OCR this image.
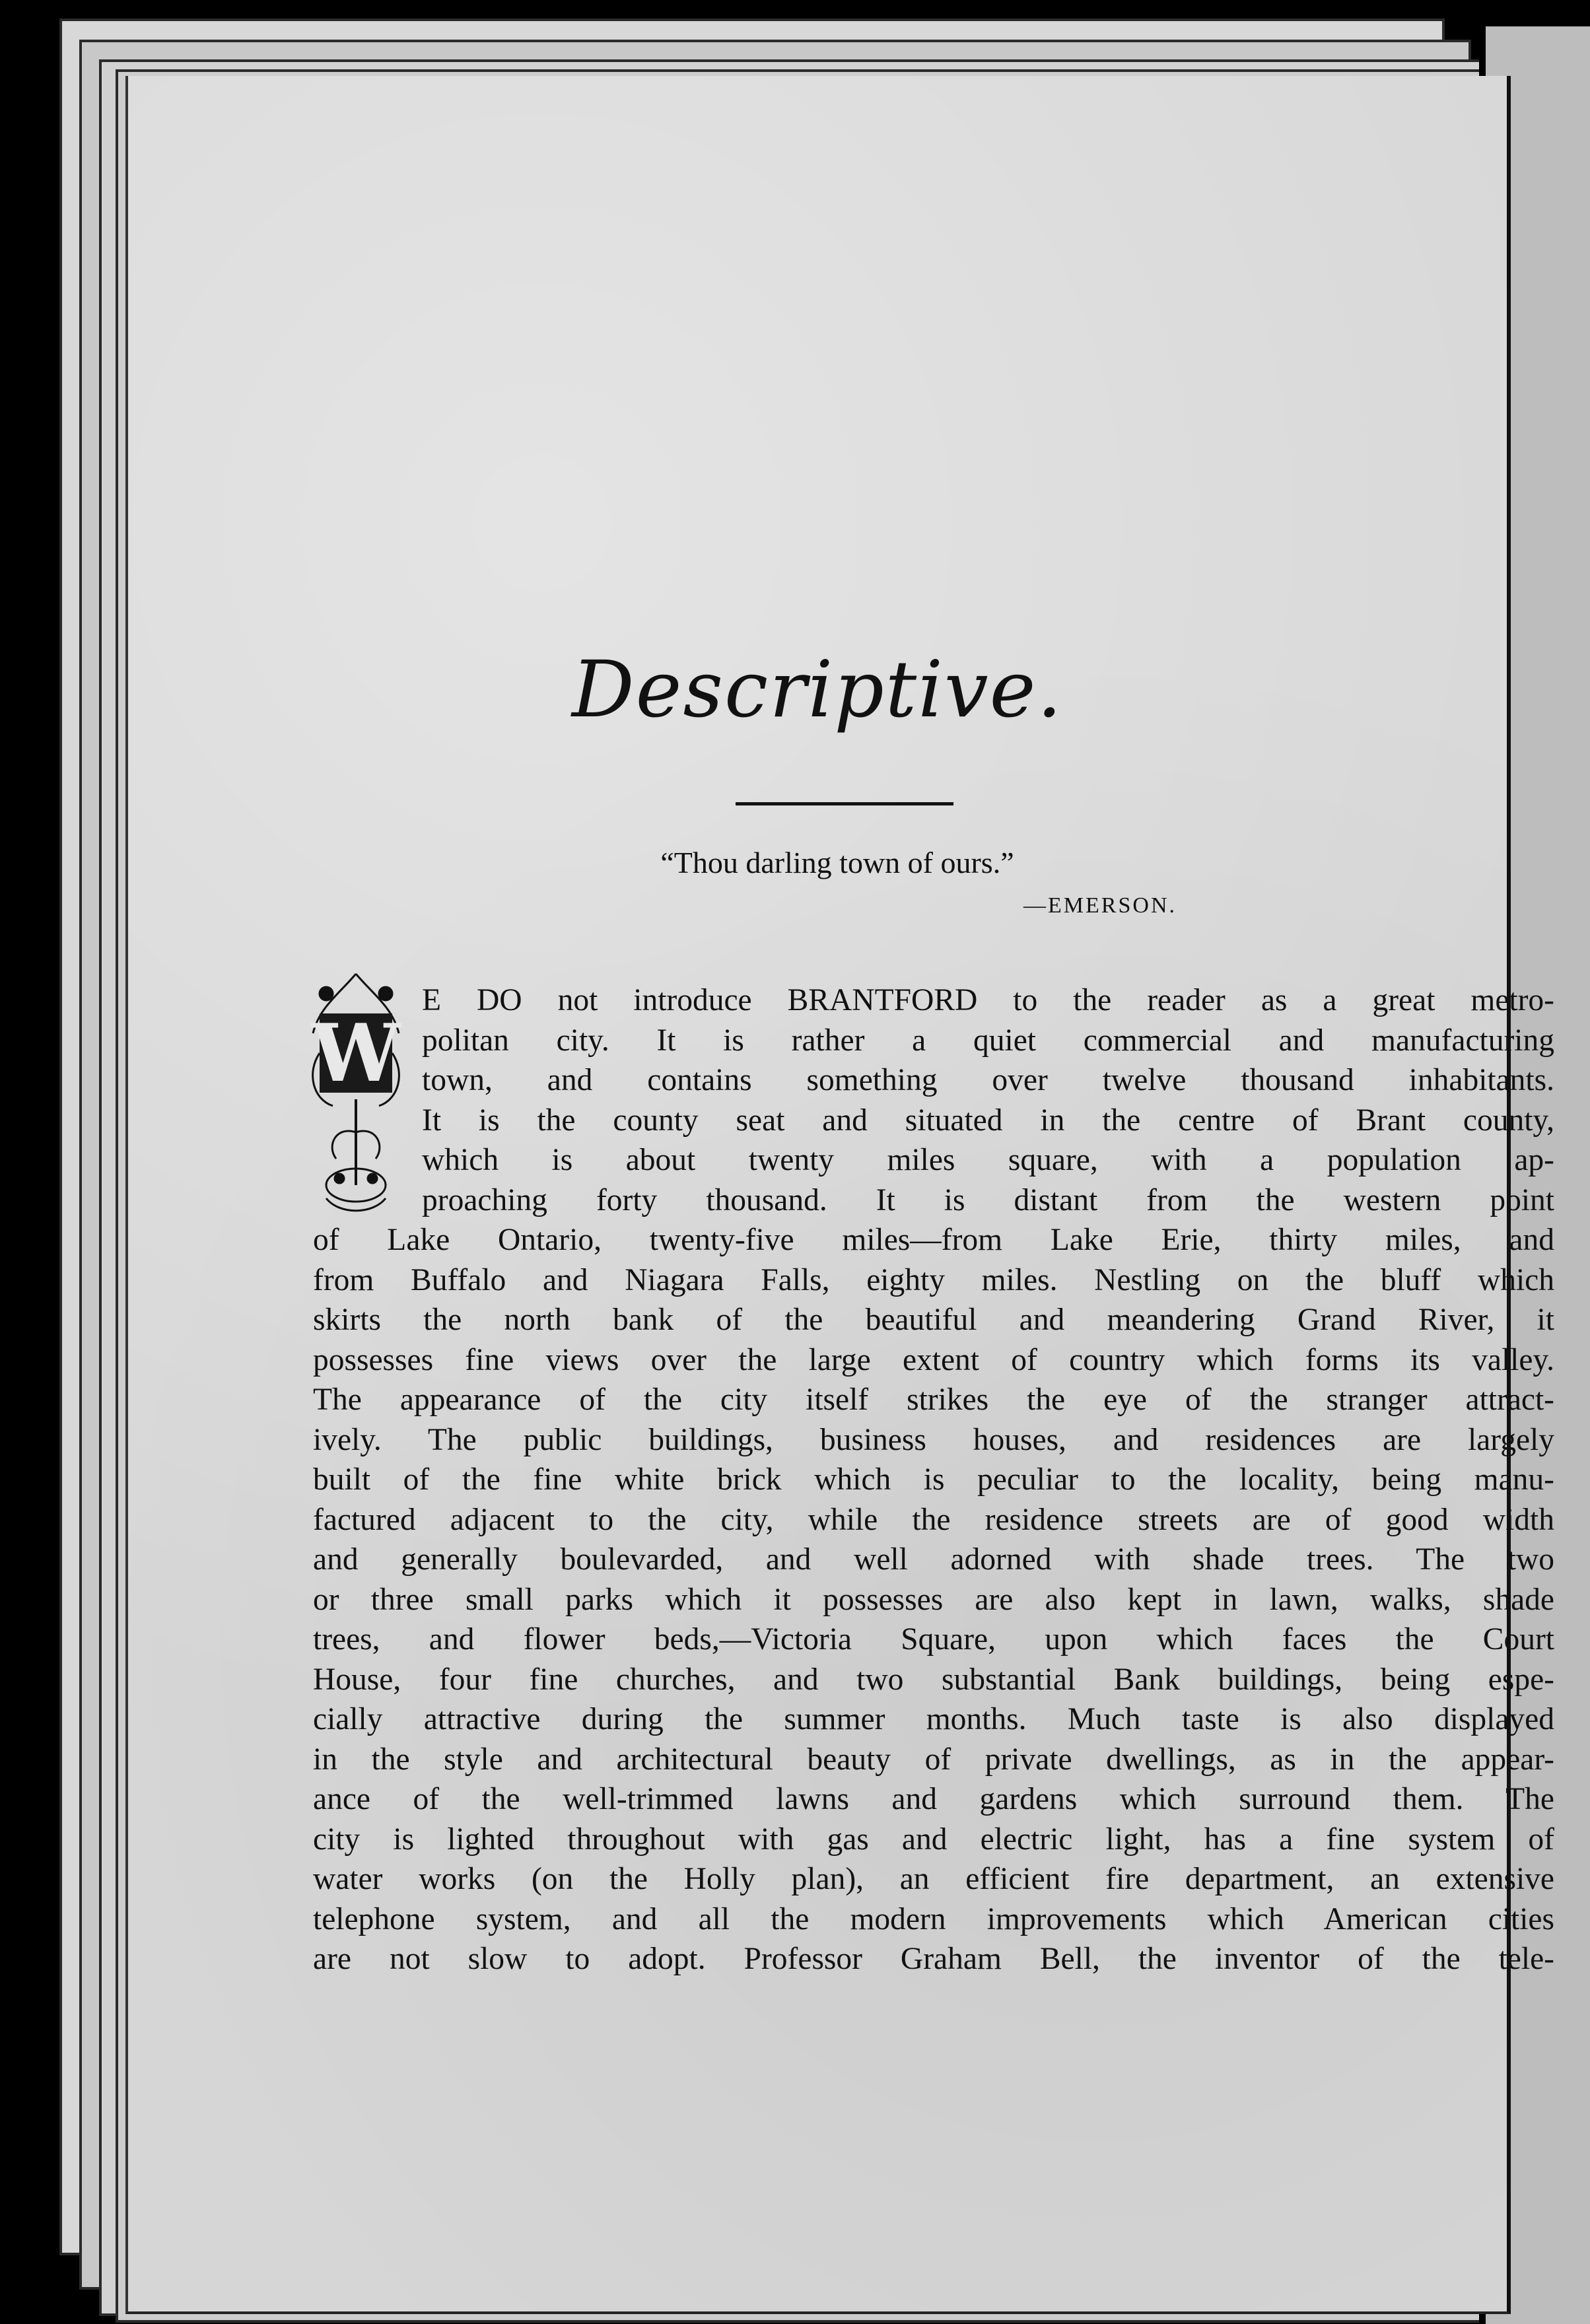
Descriptive.
“Thou darling town of ours.”
—EMERSON.
W
E DO not introduce BRANTFORD to the reader as a great metro-
politan city. It is rather a quiet commercial and manufacturing
town, and contains something over twelve thousand inhabitants.
It is the county seat and situated in the centre of Brant county,
which is about twenty miles square, with a population ap-
proaching forty thousand. It is distant from the western point
of Lake Ontario, twenty-five miles—from Lake Erie, thirty miles, and
from Buffalo and Niagara Falls, eighty miles. Nestling on the bluff which
skirts the north bank of the beautiful and meandering Grand River, it
possesses fine views over the large extent of country which forms its valley.
The appearance of the city itself strikes the eye of the stranger attract-
ively. The public buildings, business houses, and residences are largely
built of the fine white brick which is peculiar to the locality, being manu-
factured adjacent to the city, while the residence streets are of good width
and generally boulevarded, and well adorned with shade trees. The two
or three small parks which it possesses are also kept in lawn, walks, shade
trees, and flower beds,—Victoria Square, upon which faces the Court
House, four fine churches, and two substantial Bank buildings, being espe-
cially attractive during the summer months. Much taste is also displayed
in the style and architectural beauty of private dwellings, as in the appear-
ance of the well-trimmed lawns and gardens which surround them. The
city is lighted throughout with gas and electric light, has a fine system of
water works (on the Holly plan), an efficient fire department, an extensive
telephone system, and all the modern improvements which American cities
are not slow to adopt. Professor Graham Bell, the inventor of the tele-
